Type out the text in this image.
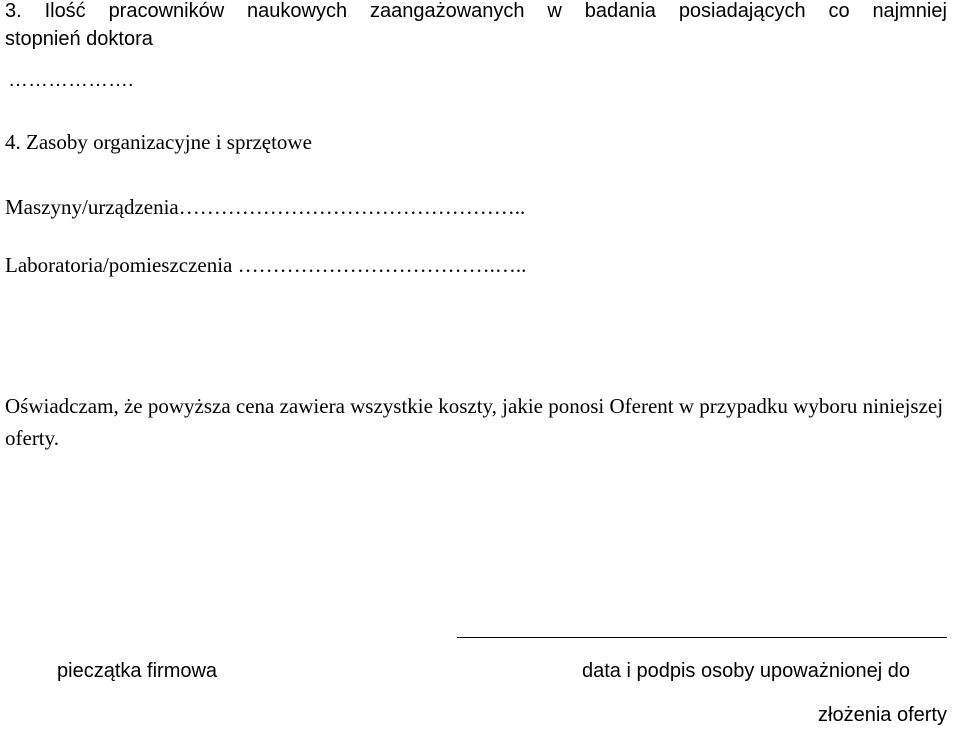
3. Ilość pracowników naukowych zaangażowanych w badania posiadających co najmniej
stopnień doktora
……………….
4. Zasoby organizacyjne i sprzętowe
Maszyny/urządzenia…………………………………………..
Laboratoria/pomieszczenia ……………………………….…..
Oświadczam, że powyższa cena zawiera wszystkie koszty, jakie ponosi Oferent w przypadku wyboru niniejszej oferty.
pieczątka firmowa	data i podpis osoby upoważnionej do
złożenia oferty
